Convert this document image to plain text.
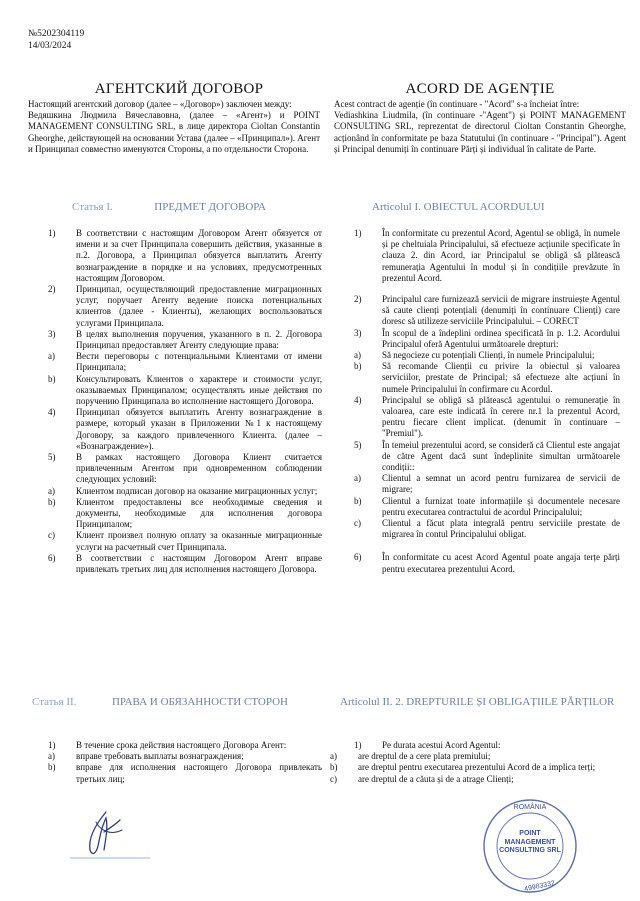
№5202304119
14/03/2024
АГЕНТСКИЙ ДОГОВОР

Настоящий агентский договор (далее – «Договор») заключен между:

Ведяшкина Людмила Вячеславовна, (далее – «Агент») и POINT MANAGEMENT CONSULTING SRL, в лице директора Cioltan Constantin Gheorghe, действующей на основании Устава (далее – «Принципал»). Агент и Принципал совместно именуются Стороны, а по отдельности Сторона.

ACORD DE AGENȚIE

Acest contract de agenție (în continuare - "Acord" s-a încheiat între:

Vediashkina Liudmila, (în continuare -"Agent") și POINT MANAGEMENT CONSULTING SRL, reprezentat de directorul Cioltan Constantin Gheorghe, acționând în conformitate pe baza Statutului (în continuare - "Principal"). Agent și Principal denumiți în continuare Părți și individual în calitate de Parte.

Статья I.	ПРЕДМЕТ ДОГОВОРА	Articolul I. OBIECTUL ACORDULUI
1)	В соответствии с настоящим Договором Агент обязуется от имени и за счет Принципала совершить действия, указанные в п.2. Договора, а Принципал обязуется выплатить Агенту вознаграждение в порядке и на условиях, предусмотренных настоящим Договором.
2)	Принципал, осуществляющий предоставление миграционных услуг, поручает Агенту ведение поиска потенциальных клиентов (далее - Клиенты), желающих воспользоваться услугами Принципала.
3)	В целях выполнения поручения, указанного в п. 2. Договора Принципал предоставляет Агенту следующие права:
a)	Вести переговоры с потенциальными Клиентами от имени Принципала;
b)	Консультировать Клиентов о характере и стоимости услуг, оказываемых Принципалом; осуществлять иные действия по поручению Принципала во исполнение настоящего Договора.
4)	Принципал обязуется выплатить Агенту вознаграждение в размере, который указан в Приложении №1 к настоящему Договору, за каждого привлеченного Клиента. (далее – «Вознаграждение»).
5)	В рамках настоящего Договора Клиент считается привлеченным Агентом при одновременном соблюдении следующих условий:
a)	Клиентом подписан договор на оказание миграционных услуг;
b)	Клиентом предоставлены все необходимые сведения и документы, необходимые для исполнения договора Принципалом;
c)	Клиент произвел полную оплату за оказанные миграционные услуги на расчетный счет Принципала.
6)	В соответствии с настоящим Договором Агент вправе привлекать третьих лиц для исполнения настоящего Договора.
1)	În conformitate cu prezentul Acord, Agentul se obligă, în numele și pe cheltuiala Principalului, să efectueze acțiunile specificate în clauza 2. din Acord, iar Principalul se obligă să plătească remunerația Agentului în modul și în condițiile prevăzute în prezentul Acord.
2)	Principalul care furnizează servicii de migrare instruiește Agentul să caute clienți potențiali (denumiți în continuare Clienți) care doresc să utilizeze serviciile Principalului. – CORECT
3)	În scopul de a îndeplini ordinea specificată în p. 1.2. Acordului Principalul oferă Agentului următoarele drepturi:
a)	Să negocieze cu potențiali Clienți, în numele Principalului;
b)	Să recomande Clienții cu privire la obiectul și valoarea serviciilor, prestate de Principal; să efectueze alte acțiuni în numele Principalului în confirmare cu Acordul.
4)	Principalul se obligă să plătească agentului o remunerație în valoarea, care este indicată în cerere nr.1 la prezentul Acord, pentru fiecare client implicat. (denumit în continuare – "Premiul").
5)	În temeiul prezentului acord, se consideră că Clientul este angajat de către Agent dacă sunt îndeplinite simultan următoarele condiții::
a)	Clientul a semnat un acord pentru furnizarea de servicii de migrare;
b)	Clientul a furnizat toate informațiile și documentele necesare pentru executarea contractului de acordul Principalului;
c)	Clientul a făcut plata integrală pentru serviciile prestate de migrarea în contul Principalului obligat.
6)	În conformitate cu acest Acord Agentul poate angaja terțe părți pentru executarea prezentului Acord.
Статья II.	ПРАВА И ОБЯЗАННОСТИ СТОРОН	Articolul II. 2. DREPTURILE ȘI OBLIGAȚIILE PĂRȚILOR
1)	В течение срока действия настоящего Договора Агент:
a)	вправе требовать выплаты вознаграждения;
b)	вправе для исполнения настоящего Договора привлекать третьих лиц;
1)	Pe durata acestui Acord Agentul:
a)	are dreptul de a cere plata premiului;
b)	are dreptul pentru executarea prezentului Acord de a implica terți;
c)	are dreptul de a căuta și de a atrage Clienți;
ROMÂNIA
POINT MANAGEMENT CONSULTING SRL
49983332
